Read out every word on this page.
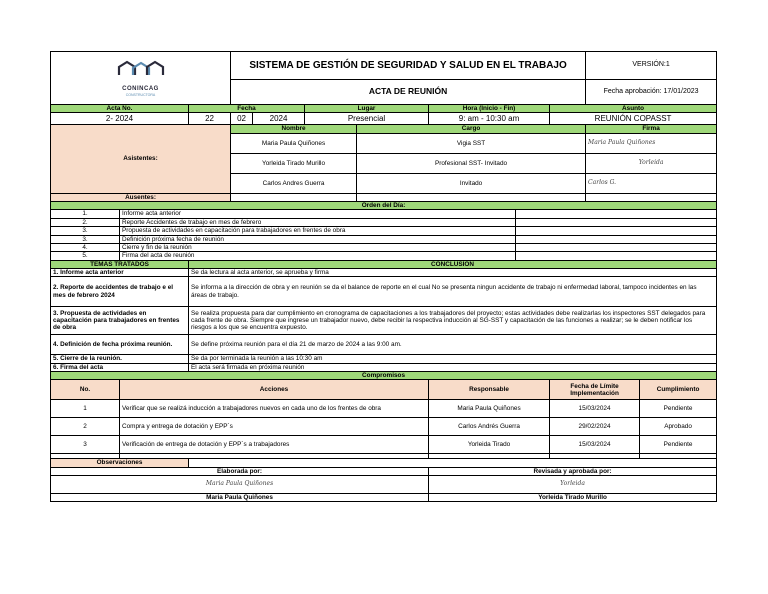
CONINCAG
CONSTRUCTORA			SISTEMA DE GESTIÓN DE SEGURIDAD Y SALUD EN EL TRABAJO							VERSIÓN:1	
			ACTA DE REUNIÓN							Fecha aprobación: 17/01/2023	
Acta No.		Fecha			Lugar		Hora (Inicio - Fin)		Asunto		
2- 2024		22	02	2024	Presencial		9: am - 10:30 am		REUNIÓN COPASST		
Asistentes:			Nombre			Cargo				Firma	
			Maria Paula Quiñones			Vigia SST				Maria Paula Quiñones	
			Yorleida Tirado Murillo			Profesional SST- Invitado				Yorleida	
			Carlos Andres Guerra			Invitado				Carlos G.	
Ausentes:											
Orden del Día:											
1.	Informe acta anterior										
2.	Reporte Accidentes de trabajo en mes de febrero										
3.	Propuesta de actividades en capacitación para trabajadores en frentes de obra										
3.	Definición próxima fecha de reunión										
4.	Cierre y fin de la reunión										
5.	Firma del acta de reunión										
TEMAS TRATADOS		CONCLUSIÓN									
1. Informe acta anterior		Se da lectura al acta anterior, se aprueba y firma									
2. Reporte de accidentes de trabajo e el mes de febrero 2024		Se informa a la dirección de obra y en reunión se da el balance de reporte en el cual No se presenta ningun accidente de trabajo ni enfermedad laboral, tampoco incidentes en las áreas de trabajo.									
3. Propuesta de actividades en capacitación para trabajadores en frentes de obra		Se realiza propuesta para dar cumplimiento en cronograma de capacitaciones a los trabajadores del proyecto; estas actividades debe realizarlas los inspectores SST delegados para cada frente de obra. Siempre que ingrese un trabajador nuevo, debe recibir la respectiva inducción al SG-SST y capacitación de las funciones a realizar; se le deben notificar los riesgos a los que se encuentra expuesto.									
4. Definición de fecha próxima reunión.		Se define próxima reunión para el día 21 de marzo de 2024 a las 9:00 am.									
5. Cierre de la reunión.		Se da por terminada la reunión a las 10:30 am									
6. Firma del acta		El acta será firmada en próxima reunión									
Compromisos											
No.	Acciones						Responsable		Fecha de Límite Implementación		Cumplimiento
1	Verificar que se realizá inducción a trabajadores nuevos en cada uno de los frentes de obra						Maria Paula Quiñones		15/03/2024		Pendiente
2	Compra y entrega de dotación y EPP´s						Carlos Andrés Guerra		29/02/2024		Aprobado
3	Verificación de entrega de dotación y EPP´s a trabajadores						Yorleida Tirado		15/03/2024		Pendiente

Observaciones											
Elaborada por:							Revisada y aprobada por:				
Maria Paula Quiñones							Yorleida				
Maria Paula Quiñones							Yorleida Tirado Murillo				
